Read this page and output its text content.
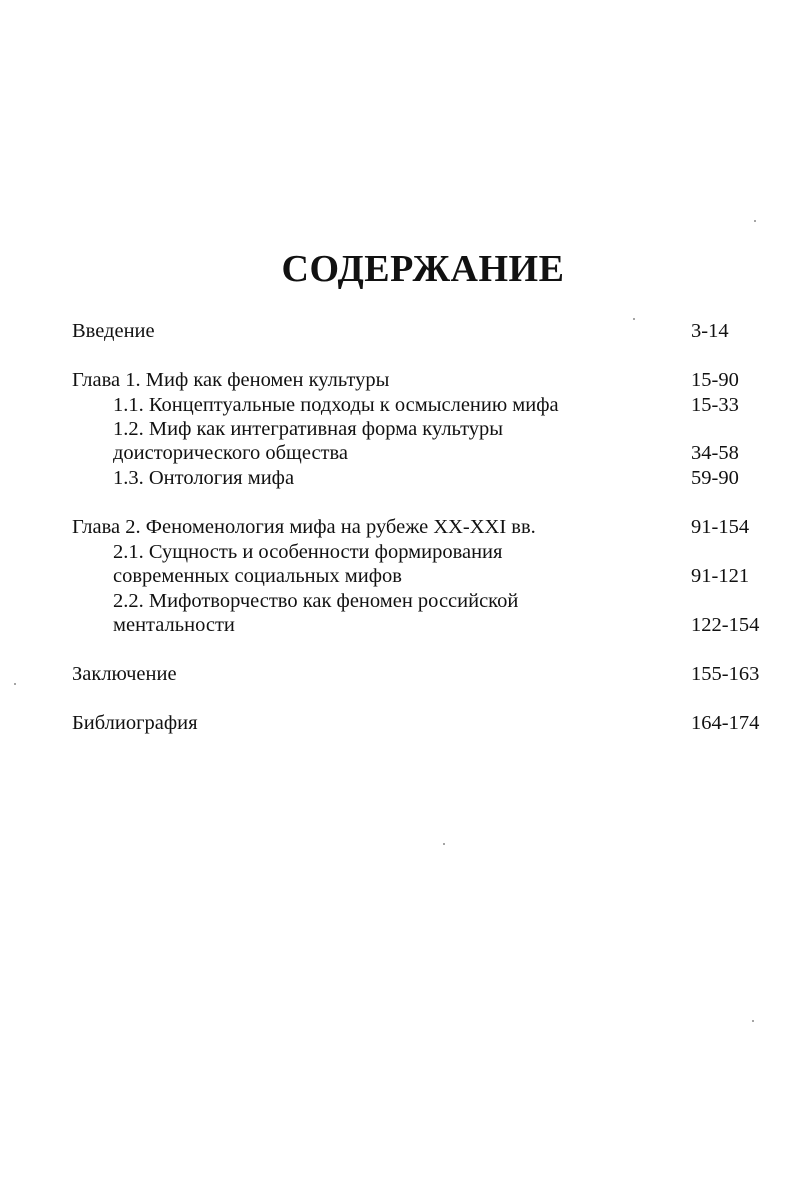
СОДЕРЖАНИЕ
Введение	3-14
Глава 1. Миф как феномен культуры	15-90
1.1. Концептуальные подходы к осмыслению мифа	15-33
1.2. Миф как интегративная форма культуры
доисторического общества	34-58
1.3. Онтология мифа	59-90
Глава 2. Феноменология мифа на рубеже XX-XXI вв.	91-154
2.1. Сущность и особенности формирования
современных социальных мифов	91-121
2.2. Мифотворчество как феномен российской
ментальности	122-154
Заключение	155-163
Библиография	164-174
